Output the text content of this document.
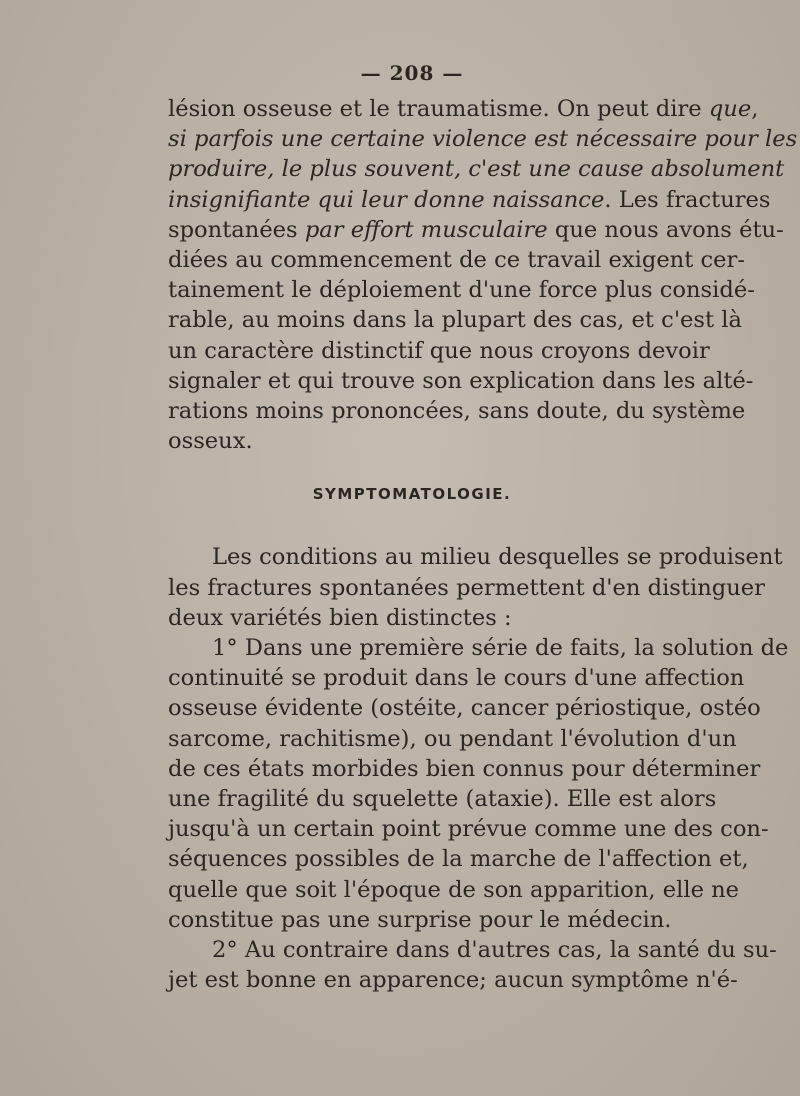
— 208 —
lésion osseuse et le traumatisme. On peut dire que,
si parfois une certaine violence est nécessaire pour les
produire, le plus souvent, c'est une cause absolument
insignifiante qui leur donne naissance. Les fractures
spontanées par effort musculaire que nous avons étu-
diées au commencement de ce travail exigent cer-
tainement le déploiement d'une force plus considé-
rable, au moins dans la plupart des cas, et c'est là
un caractère distinctif que nous croyons devoir
signaler et qui trouve son explication dans les alté-
rations moins prononcées, sans doute, du système
osseux.
SYMPTOMATOLOGIE.
Les conditions au milieu desquelles se produisent
les fractures spontanées permettent d'en distinguer
deux variétés bien distinctes :
1° Dans une première série de faits, la solution de
continuité se produit dans le cours d'une affection
osseuse évidente (ostéite, cancer périostique, ostéo
sarcome, rachitisme), ou pendant l'évolution d'un
de ces états morbides bien connus pour déterminer
une fragilité du squelette (ataxie). Elle est alors
jusqu'à un certain point prévue comme une des con-
séquences possibles de la marche de l'affection et,
quelle que soit l'époque de son apparition, elle ne
constitue pas une surprise pour le médecin.
2° Au contraire dans d'autres cas, la santé du su-
jet est bonne en apparence; aucun symptôme n'é-
